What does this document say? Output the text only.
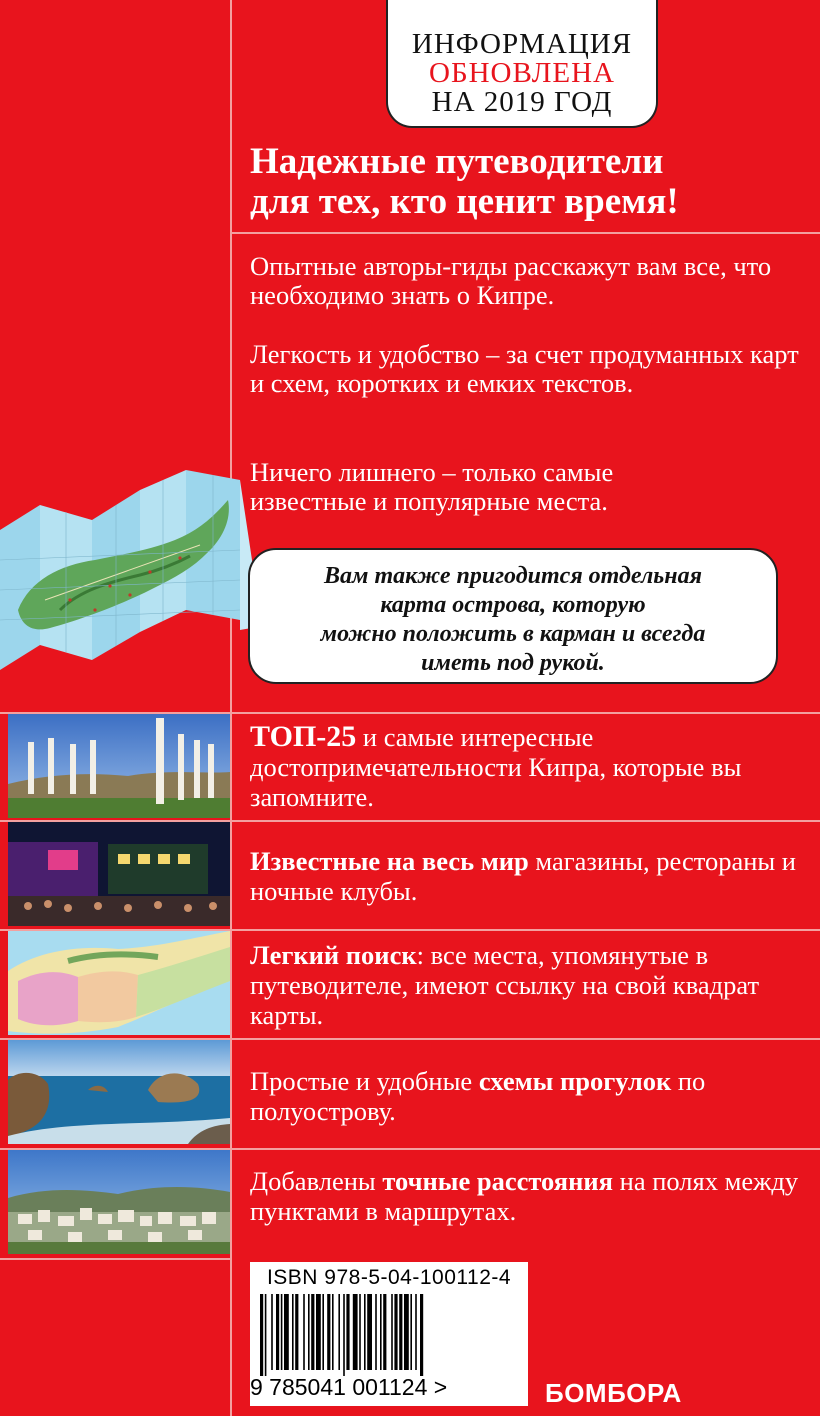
ИНФОРМАЦИЯ
ОБНОВЛЕНА
НА 2019 ГОД
Надежные путеводители
для тех, кто ценит время!
Опытные авторы-гиды расскажут вам все, что необходимо знать о Кипре.
Легкость и удобство – за счет продуманных карт и схем, коротких и емких текстов.
Ничего лишнего – только самые известные и популярные места.
Вам также пригодится отдельная
карта острова, которую
можно положить в карман и всегда
иметь под рукой.
ТОП-25 и самые интересные достопримечательности Кипра, которые вы запомните.
Известные на весь мир магазины, рестораны и ночные клубы.
Легкий поиск: все места, упомянутые в путеводителе, имеют ссылку на свой квадрат карты.
Простые и удобные схемы прогулок по полуострову.
Добавлены точные расстояния на полях между пунктами в маршрутах.
ISBN 978-5-04-100112-4
9 785041 001124 >	БОМБОРА
